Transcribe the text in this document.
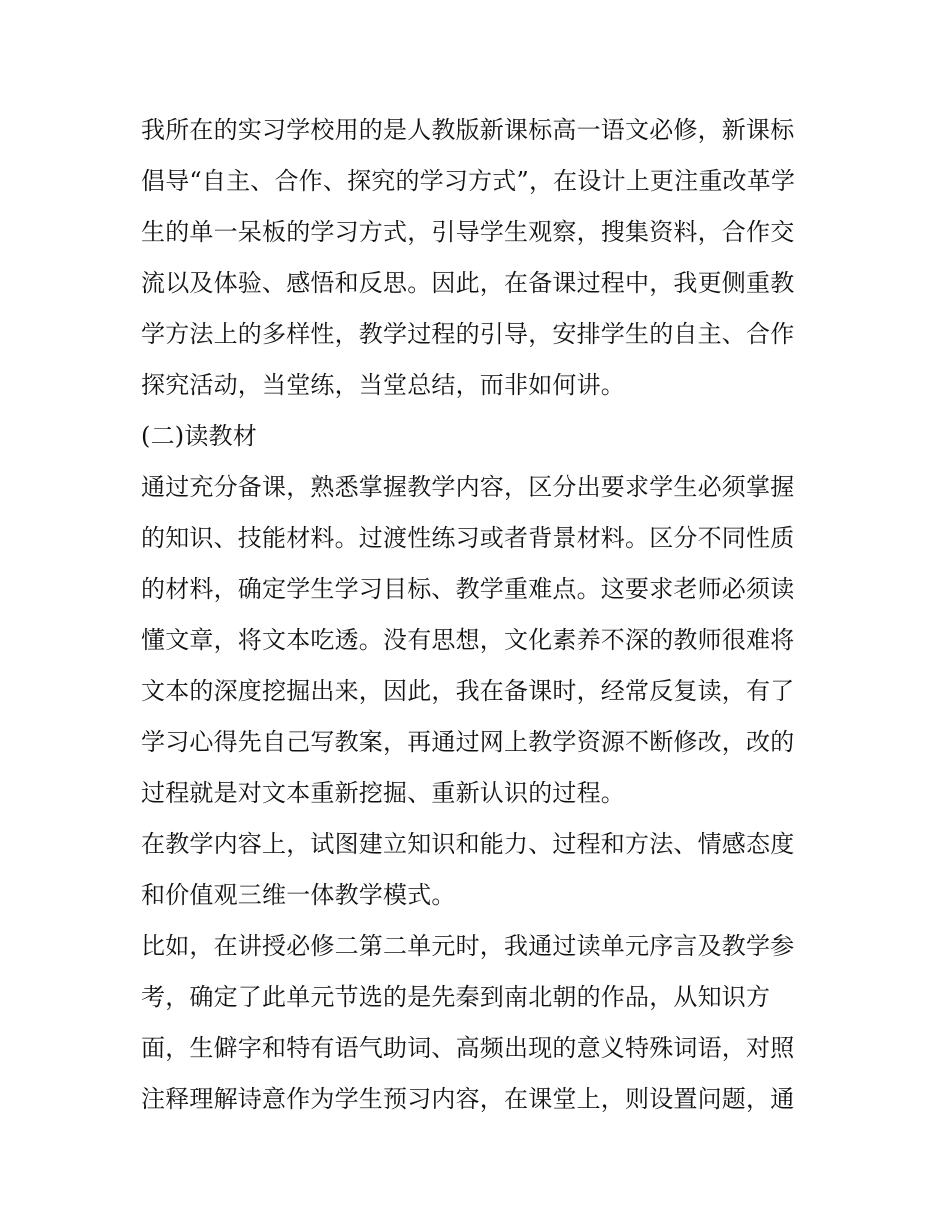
我所在的实习学校用的是人教版新课标高一语文必修，新课标
倡导“自主、合作、探究的学习方式”，在设计上更注重改革学
生的单一呆板的学习方式，引导学生观察，搜集资料，合作交
流以及体验、感悟和反思。因此，在备课过程中，我更侧重教
学方法上的多样性，教学过程的引导，安排学生的自主、合作
探究活动，当堂练，当堂总结，而非如何讲。
(二)读教材
通过充分备课，熟悉掌握教学内容，区分出要求学生必须掌握
的知识、技能材料。过渡性练习或者背景材料。区分不同性质
的材料，确定学生学习目标、教学重难点。这要求老师必须读
懂文章，将文本吃透。没有思想，文化素养不深的教师很难将
文本的深度挖掘出来，因此，我在备课时，经常反复读，有了
学习心得先自己写教案，再通过网上教学资源不断修改，改的
过程就是对文本重新挖掘、重新认识的过程。
在教学内容上，试图建立知识和能力、过程和方法、情感态度
和价值观三维一体教学模式。
比如，在讲授必修二第二单元时，我通过读单元序言及教学参
考，确定了此单元节选的是先秦到南北朝的作品，从知识方
面，生僻字和特有语气助词、高频出现的意义特殊词语，对照
注释理解诗意作为学生预习内容，在课堂上，则设置问题，通
